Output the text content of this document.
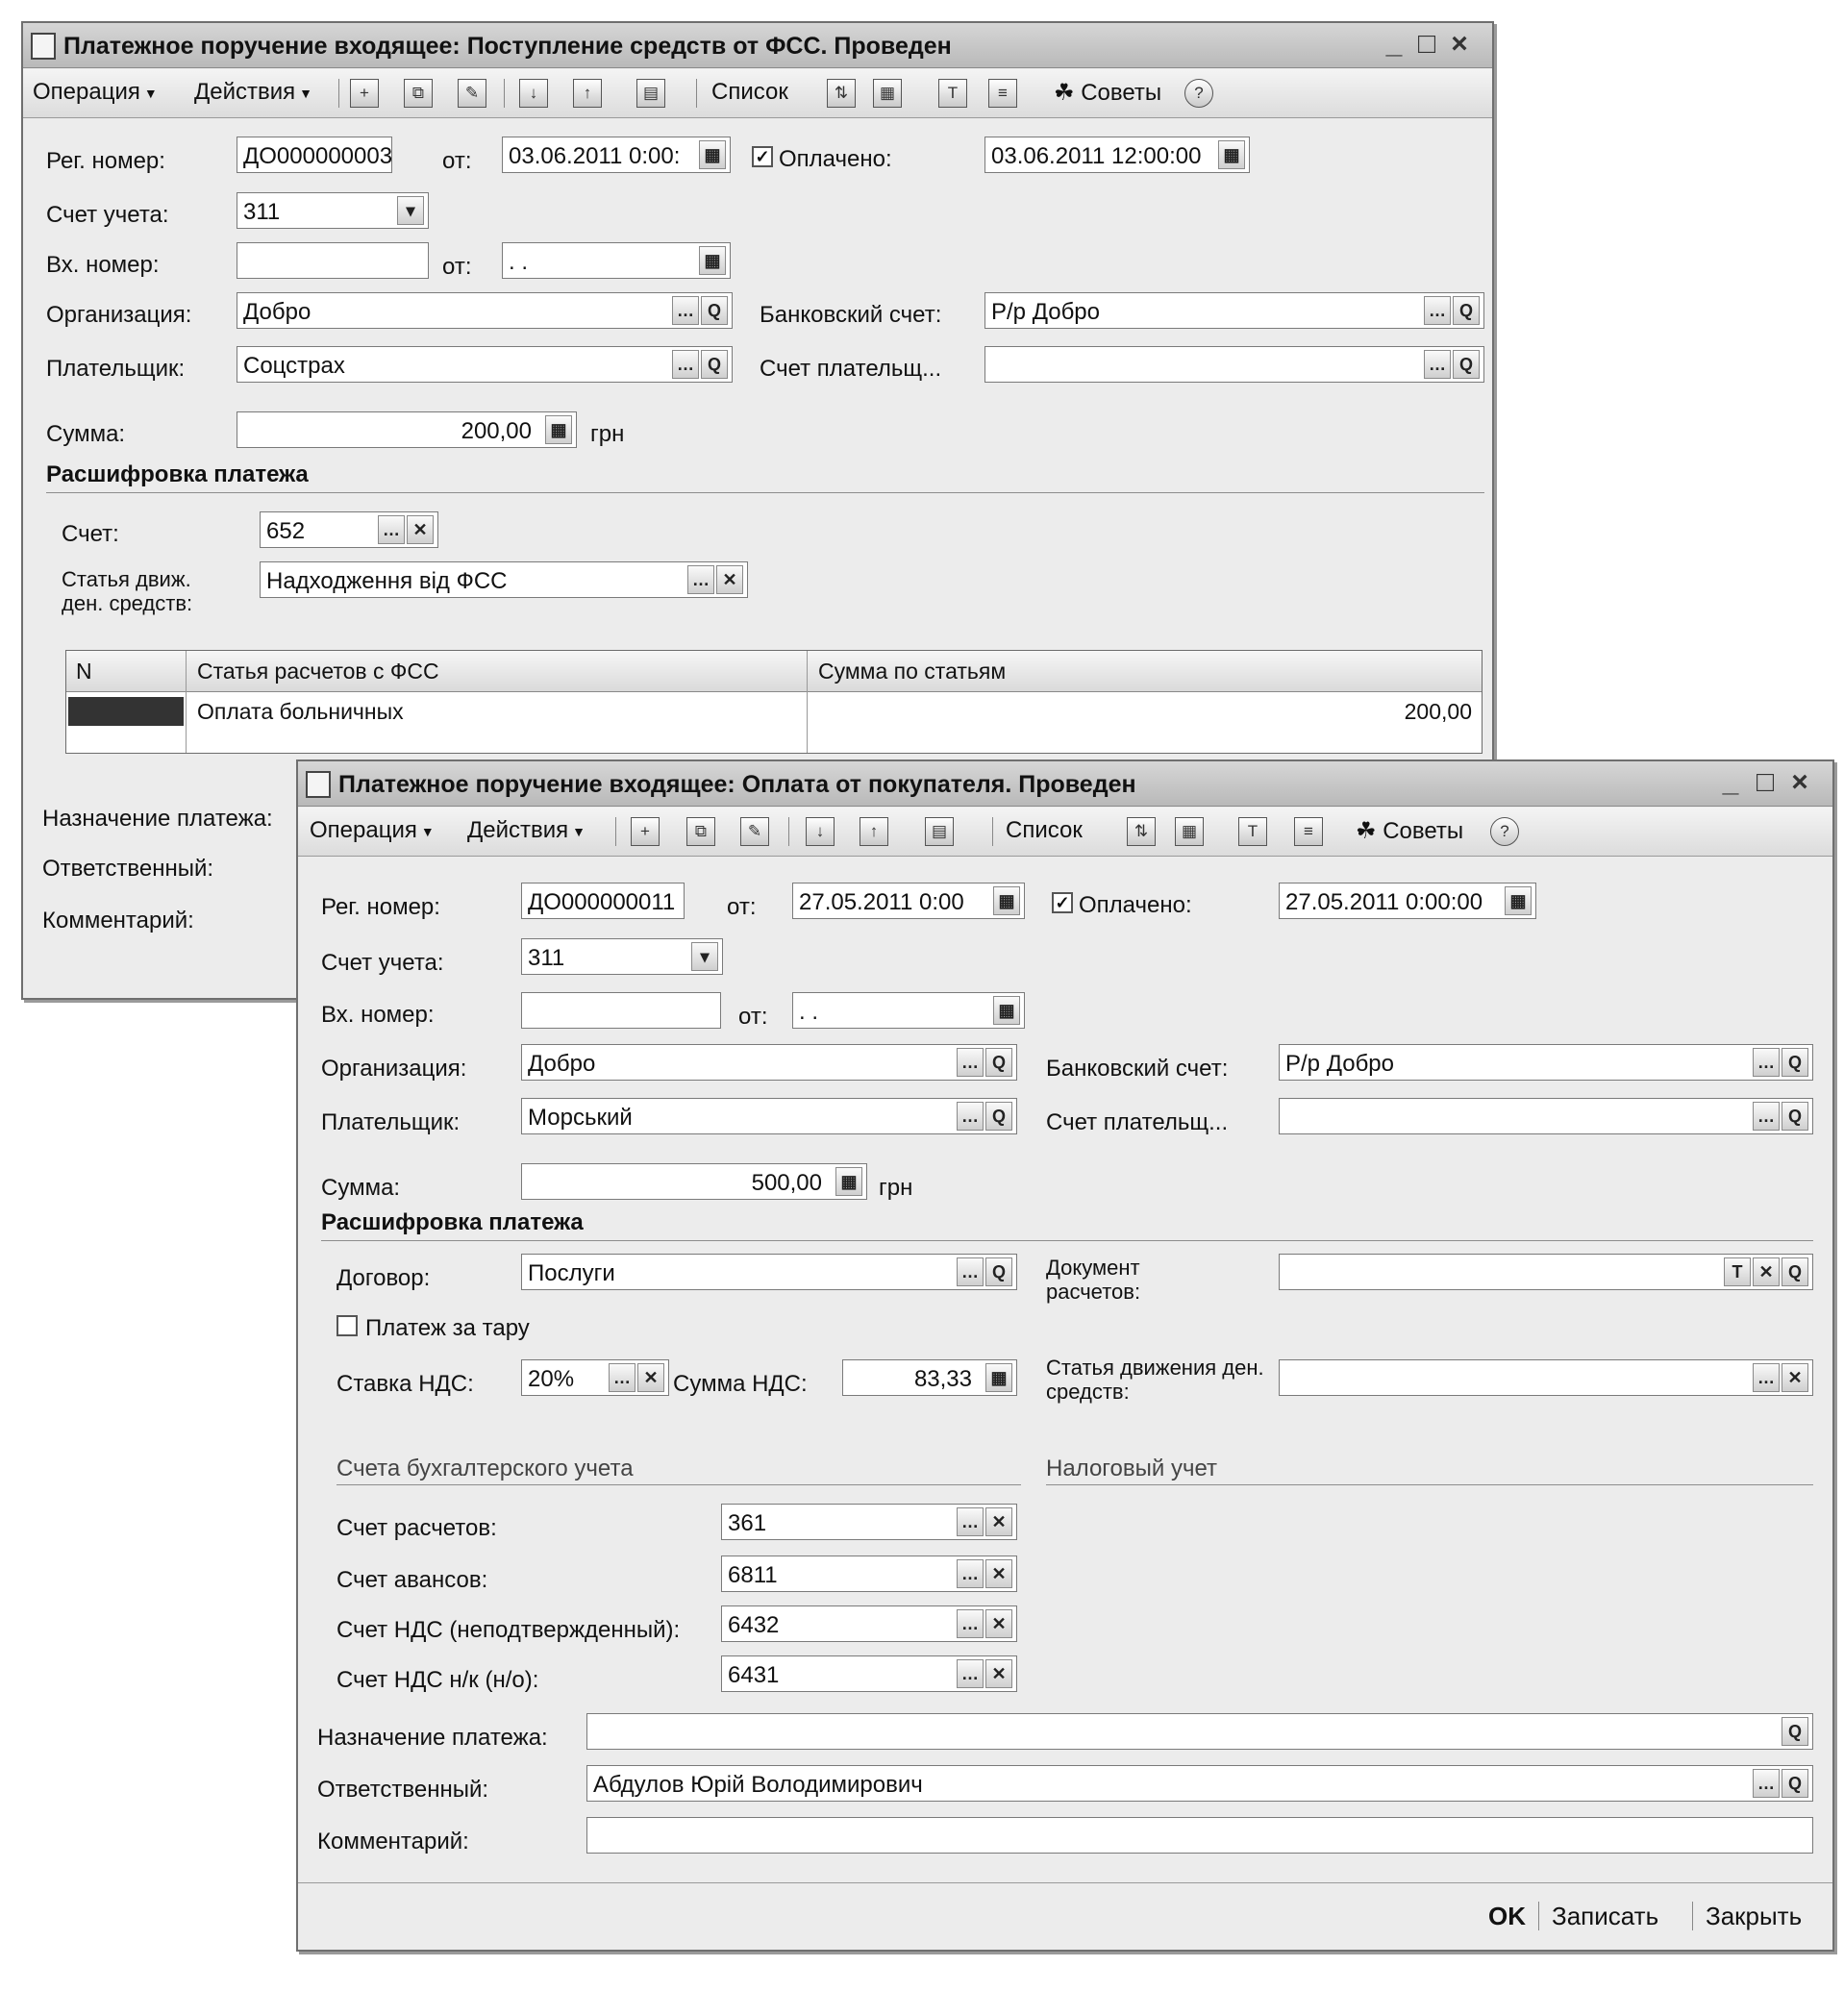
Платежное поручение входящее: Поступление средств от ФСС. Проведен	_ □ ×
Операция ▼ Действия ▼	+	⧉	✎	↓	↑	▤ Список	⇅	▦	T	≡	☘ Советы	?
Рег. номер:	ДО000000003 от: 03.06.2011 0:00:	▦	✓ Оплачено:	03.06.2011 12:00:00	▦
Счет учета:	311	▾
Вх. номер:	от: . .	▦
Организация: Добро	… Q Банковский счет: Р/р Добро	… Q
Плательщик:	Соцстрах	… Q Счет плательщ...	… Q
Сумма:	200,00	▦ грн
Расшифровка платежа
Счет:	652	… ✕
Статья движ. ден. средств:
Надходження від ФСС	… ✕
N	Статья расчетов с ФСС	Сумма по статьям
Оплата больничных	200,00
Назначение платежа:
Ответственный:
Комментарий:
Платежное поручение входящее: Оплата от покупателя. Проведен	_ □ ×
Операция ▼ Действия ▼	+	⧉	✎	↓	↑	▤	Список	⇅	▦	T	≡	☘ Советы	?
Рег. номер:	ДО000000011 от: 27.05.2011 0:00	▦	✓ Оплачено:	27.05.2011 0:00:00	▦
Счет учета:	311	▾
Вх. номер:	от: . .	▦
Организация:	Добро	… Q Банковский счет: Р/р Добро	… Q
Плательщик:	Морський	… Q Счет плательщ...	… Q
Сумма:	500,00	▦ грн
Расшифровка платежа
Договор:	Послуги	… Q	Документ расчетов:
T ✕ Q
Платеж за тару
Ставка НДС: 20% … ✕ Сумма НДС:	83,33	▦ Статья движения ден. средств:
… ✕
Счета бухгалтерского учета	Налоговый учет
Счет расчетов:	361	… ✕
Счет авансов:	6811	… ✕
Счет НДС (неподтвержденный): 6432	… ✕
Счет НДС н/к (н/о):	6431	… ✕
Назначение платежа:	Q
Ответственный:	Абдулов Юрій Володимирович	… Q
Комментарий:
OK Записать Закрыть
